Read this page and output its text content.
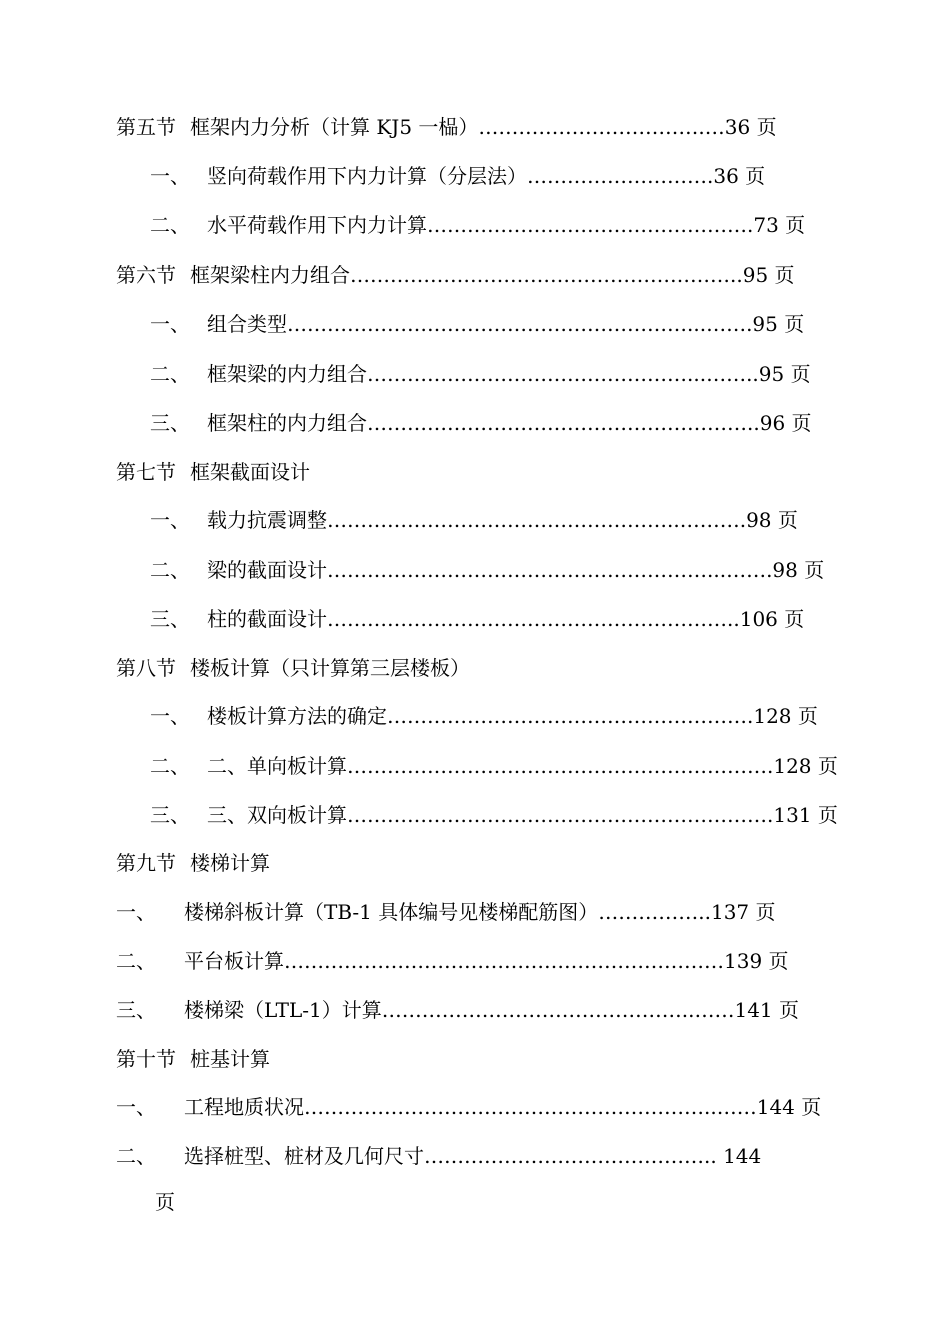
第五节 框架内力分析（计算 KJ5 一榀）…………………………….…36 页
一、 竖向荷载作用下内力计算（分层法）……………………….36 页
二、 水平荷载作用下内力计算………………………………………….73 页
第六节 框架梁柱内力组合…………………………………………………..95 页
一、 组合类型……………………………………………………...…….95 页
二、 框架梁的内力组合…………………………………………...……..95 页
三、 框架柱的内力组合…………………………………………………..96 页
第七节 框架截面设计
一、 载力抗震调整……………………………………………..……….98 页
二、 梁的截面设计…………………………………………………...…….98 页
三、 柱的截面设计……………………………………………………..106 页
第八节 楼板计算（只计算第三层楼板）
一、 楼板计算方法的确定……………………………………………….128 页
二、 二、单向板计算……………………………………………………….128 页
三、 三、双向板计算……………………………………………………….131 页
第九节 楼梯计算
一、 楼梯斜板计算（TB-1 具体编号见楼梯配筋图）……………..137 页
二、 平台板计算…………………………………………………………139 页
三、 楼梯梁（LTL-1）计算………………………………………..……141 页
第十节 桩基计算
一、 工程地质状况……………………………………………………..……144 页
二、 选择桩型、桩材及几何尺寸…………………………………….. 144
页
